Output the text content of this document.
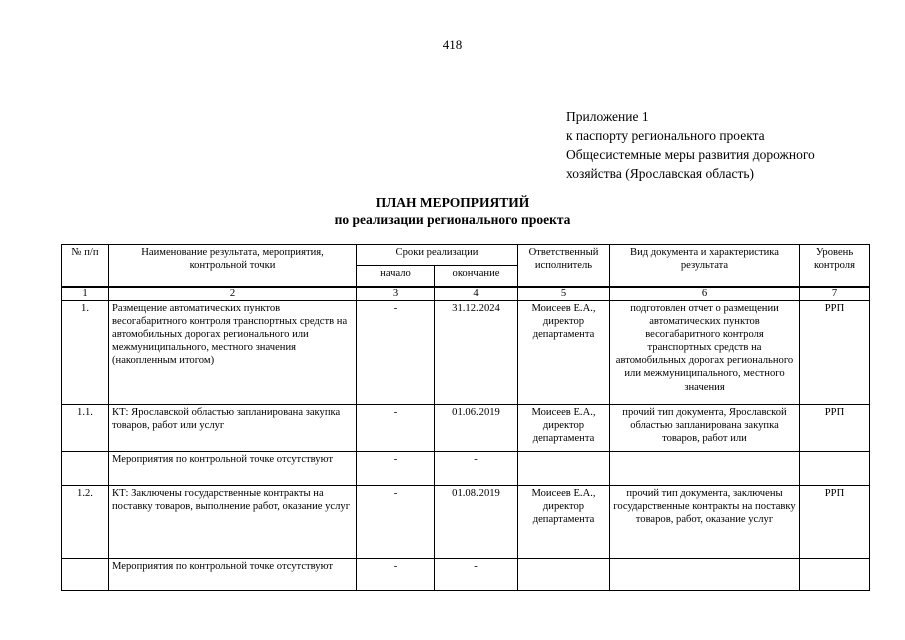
418
Приложение 1
к паспорту регионального проекта
Общесистемные меры развития дорожного
хозяйства (Ярославская область)
ПЛАН МЕРОПРИЯТИЙ
по реализации регионального проекта
№ п/п	Наименование результата, мероприятия, контрольной точки	Сроки реализации		Ответственный исполнитель	Вид документа и характеристика результата	Уровень контроля
		начало	окончание			

1	2	3	4	5	6	7
1.	Размещение автоматических пунктов весогабаритного контроля транспортных средств на автомобильных дорогах регионального или межмуниципального, местного значения (накопленным итогом)	-	31.12.2024	Моисеев Е.А., директор департамента	подготовлен отчет о размещении автоматических пунктов весогабаритного контроля транспортных средств на автомобильных дорогах регионального или межмуниципального, местного значения	РРП
1.1.	КТ: Ярославской областью запланирована закупка товаров, работ или услуг	-	01.06.2019	Моисеев Е.А., директор департамента	прочий тип документа, Ярославской областью запланирована закупка товаров, работ или	РРП
	Мероприятия по контрольной точке отсутствуют	-	-			
1.2.	КТ: Заключены государственные контракты на поставку товаров, выполнение работ, оказание услуг	-	01.08.2019	Моисеев Е.А., директор департамента	прочий тип документа, заключены государственные контракты на поставку товаров, работ, оказание услуг	РРП
	Мероприятия по контрольной точке отсутствуют	-	-			
